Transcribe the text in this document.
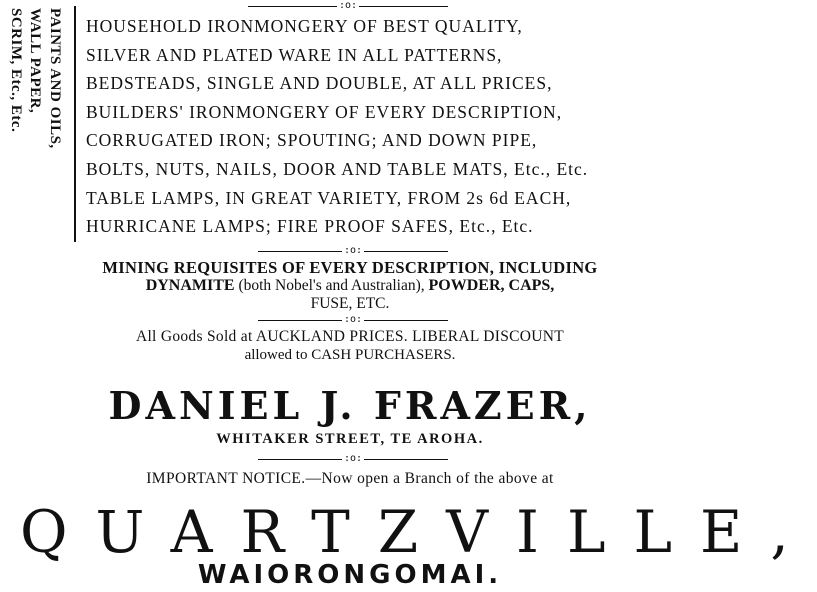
SCRIM, Etc., Etc. WALL PAPER, PAINTS AND OILS,
:o:
HOUSEHOLD IRONMONGERY OF BEST QUALITY,
SILVER AND PLATED WARE IN ALL PATTERNS,
BEDSTEADS, SINGLE AND DOUBLE, AT ALL PRICES,
BUILDERS' IRONMONGERY OF EVERY DESCRIPTION,
CORRUGATED IRON; SPOUTING; AND DOWN PIPE,
BOLTS, NUTS, NAILS, DOOR AND TABLE MATS, Etc., Etc.
TABLE LAMPS, IN GREAT VARIETY, FROM 2s 6d EACH,
HURRICANE LAMPS; FIRE PROOF SAFES, Etc., Etc.
:o:
MINING REQUISITES OF EVERY DESCRIPTION, INCLUDING
DYNAMITE (both Nobel's and Australian), POWDER, CAPS,
FUSE, ETC.
:o:
All Goods Sold at AUCKLAND PRICES. LIBERAL DISCOUNT
allowed to CASH PURCHASERS.
DANIEL J. FRAZER,
WHITAKER STREET, TE AROHA.
:o:
IMPORTANT NOTICE.—Now open a Branch of the above at
QUARTZVILLE,
WAIORONGOMAI.
